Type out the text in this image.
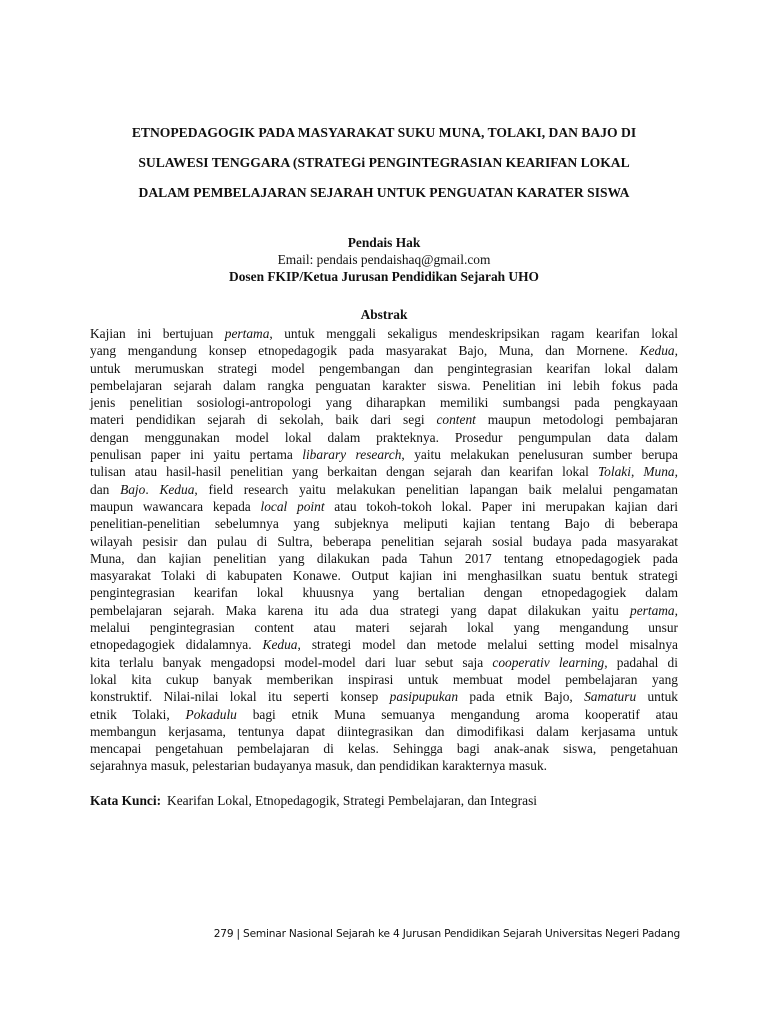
ETNOPEDAGOGIK PADA MASYARAKAT SUKU MUNA, TOLAKI, DAN BAJO DI
SULAWESI TENGGARA (STRATEGi PENGINTEGRASIAN KEARIFAN LOKAL
DALAM PEMBELAJARAN SEJARAH UNTUK PENGUATAN KARATER SISWA
Pendais Hak
Email: pendais pendaishaq@gmail.com
Dosen FKIP/Ketua Jurusan Pendidikan Sejarah UHO
Abstrak
Kajian ini bertujuan pertama, untuk menggali sekaligus mendeskripsikan ragam kearifan lokal
yang mengandung konsep etnopedagogik pada masyarakat Bajo, Muna, dan Mornene. Kedua,
untuk merumuskan strategi model pengembangan dan pengintegrasian kearifan lokal dalam
pembelajaran sejarah dalam rangka penguatan karakter siswa. Penelitian ini lebih fokus pada
jenis penelitian sosiologi-antropologi yang diharapkan memiliki sumbangsi pada pengkayaan
materi pendidikan sejarah di sekolah, baik dari segi content maupun metodologi pembajaran
dengan menggunakan model lokal dalam prakteknya. Prosedur pengumpulan data dalam
penulisan paper ini yaitu pertama libarary research, yaitu melakukan penelusuran sumber berupa
tulisan atau hasil-hasil penelitian yang berkaitan dengan sejarah dan kearifan lokal Tolaki, Muna,
dan Bajo. Kedua, field research yaitu melakukan penelitian lapangan baik melalui pengamatan
maupun wawancara kepada local point atau tokoh-tokoh lokal. Paper ini merupakan kajian dari
penelitian-penelitian sebelumnya yang subjeknya meliputi kajian tentang Bajo di beberapa
wilayah pesisir dan pulau di Sultra, beberapa penelitian sejarah sosial budaya pada masyarakat
Muna, dan kajian penelitian yang dilakukan pada Tahun 2017 tentang etnopedagogiek pada
masyarakat Tolaki di kabupaten Konawe. Output kajian ini menghasilkan suatu bentuk strategi
pengintegrasian kearifan lokal khuusnya yang bertalian dengan etnopedagogiek dalam
pembelajaran sejarah. Maka karena itu ada dua strategi yang dapat dilakukan yaitu pertama,
melalui pengintegrasian content atau materi sejarah lokal yang mengandung unsur
etnopedagogiek didalamnya. Kedua, strategi model dan metode melalui setting model misalnya
kita terlalu banyak mengadopsi model-model dari luar sebut saja cooperativ learning, padahal di
lokal kita cukup banyak memberikan inspirasi untuk membuat model pembelajaran yang
konstruktif. Nilai-nilai lokal itu seperti konsep pasipupukan pada etnik Bajo, Samaturu untuk
etnik Tolaki, Pokadulu bagi etnik Muna semuanya mengandung aroma kooperatif atau
membangun kerjasama, tentunya dapat diintegrasikan dan dimodifikasi dalam kerjasama untuk
mencapai pengetahuan pembelajaran di kelas. Sehingga bagi anak-anak siswa, pengetahuan
sejarahnya masuk, pelestarian budayanya masuk, dan pendidikan karakternya masuk.
Kata Kunci: Kearifan Lokal, Etnopedagogik, Strategi Pembelajaran, dan Integrasi
279 | Seminar Nasional Sejarah ke 4 Jurusan Pendidikan Sejarah Universitas Negeri Padang
